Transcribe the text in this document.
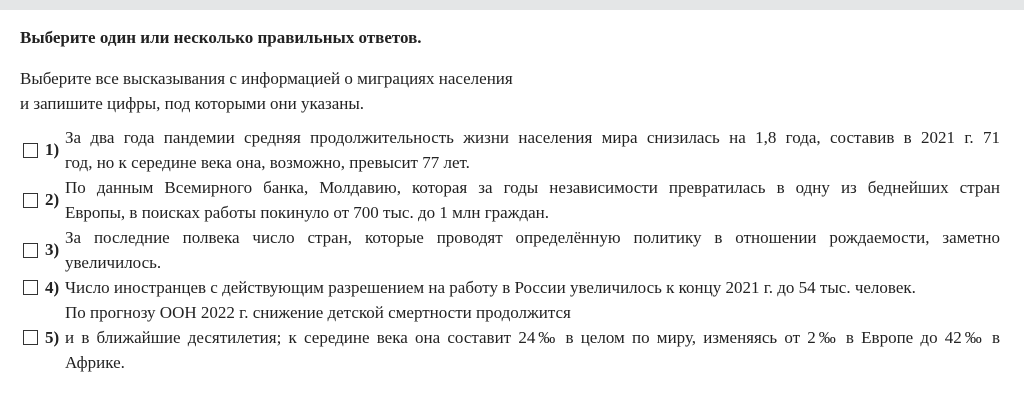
Выберите один или несколько правильных ответов.
Выберите все высказывания с информацией о миграциях населения
и запишите цифры, под которыми они указаны.
1)
За два года пандемии средняя продолжительность жизни населения мира снизилась на 1,8 года, составив в 2021 г. 71
год, но к середине века она, возможно, превысит 77 лет.
2)
По данным Всемирного банка, Молдавию, которая за годы независимости превратилась в одну из беднейших стран
Европы, в поисках работы покинуло от 700 тыс. до 1 млн граждан.
3)
За последние полвека число стран, которые проводят определённую политику в отношении рождаемости, заметно
увеличилось.
4) Число иностранцев с действующим разрешением на работу в России увеличилось к концу 2021 г. до 54 тыс. человек.
5)
По прогнозу ООН 2022 г. снижение детской смертности продолжится
и в ближайшие десятилетия; к середине века она составит 24‰ в целом по миру, изменяясь от 2‰ в Европе до 42‰ в
Африке.
